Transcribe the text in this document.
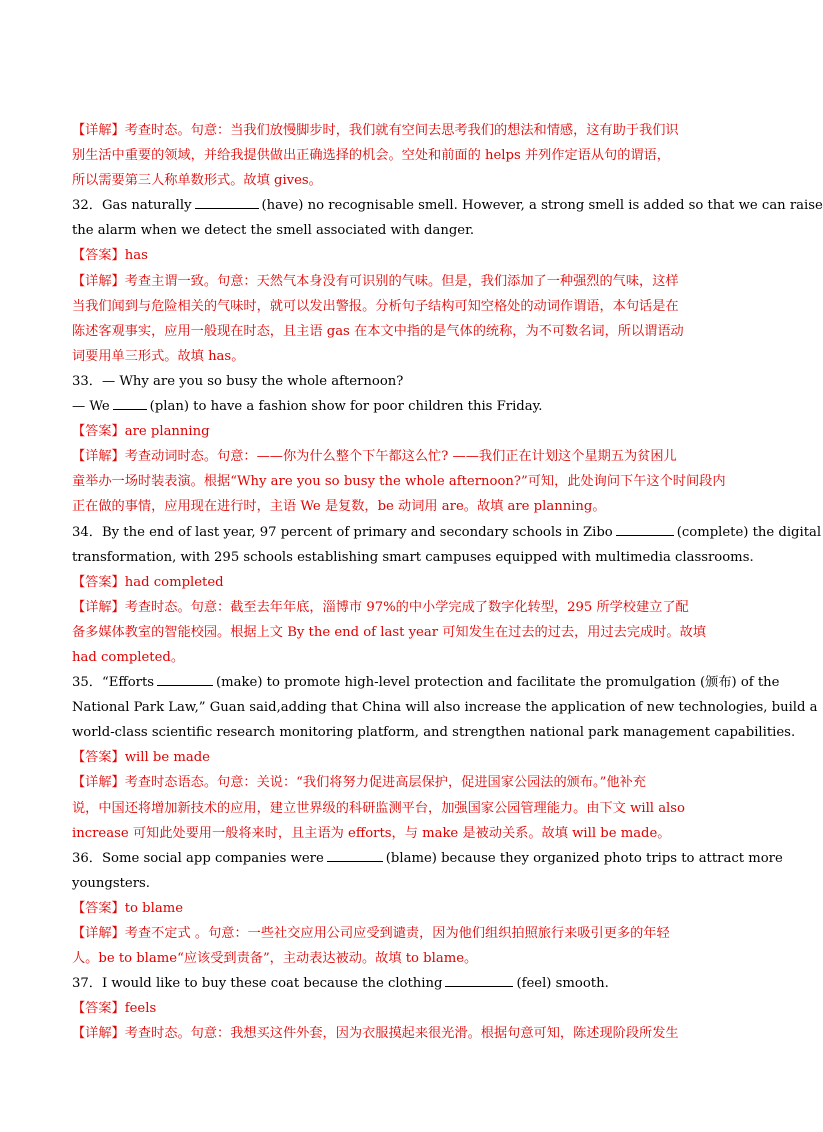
【详解】考查时态。句意：当我们放慢脚步时，我们就有空间去思考我们的想法和情感，这有助于我们识
别生活中重要的领域，并给我提供做出正确选择的机会。空处和前面的 helps 并列作定语从句的谓语，
所以需要第三人称单数形式。故填 gives。
32．Gas naturally	(have) no recognisable smell. However, a strong smell is added so that we can raise
the alarm when we detect the smell associated with danger.
【答案】has
【详解】考查主谓一致。句意：天然气本身没有可识别的气味。但是，我们添加了一种强烈的气味，这样
当我们闻到与危险相关的气味时，就可以发出警报。分析句子结构可知空格处的动词作谓语，本句话是在
陈述客观事实，应用一般现在时态，且主语 gas 在本文中指的是气体的统称，为不可数名词，所以谓语动
词要用单三形式。故填 has。
33．— Why are you so busy the whole afternoon?
— We	(plan) to have a fashion show for poor children this Friday.
【答案】are planning
【详解】考查动词时态。句意：——你为什么整个下午都这么忙? ——我们正在计划这个星期五为贫困儿
童举办一场时装表演。根据“Why are you so busy the whole afternoon?”可知，此处询问下午这个时间段内
正在做的事情，应用现在进行时，主语 We 是复数，be 动词用 are。故填 are planning。
34．By the end of last year, 97 percent of primary and secondary schools in Zibo	(complete) the digital
transformation, with 295 schools establishing smart campuses equipped with multimedia classrooms.
【答案】had completed
【详解】考查时态。句意：截至去年年底，淄博市 97%的中小学完成了数字化转型，295 所学校建立了配
备多媒体教室的智能校园。根据上文 By the end of last year 可知发生在过去的过去，用过去完成时。故填
had completed。
35．“Efforts	(make) to promote high-level protection and facilitate the promulgation (颁布) of the
National Park Law,” Guan said,adding that China will also increase the application of new technologies, build a
world-class scientific research monitoring platform, and strengthen national park management capabilities.
【答案】will be made
【详解】考查时态语态。句意：关说：“我们将努力促进高层保护，促进国家公园法的颁布。”他补充
说，中国还将增加新技术的应用，建立世界级的科研监测平台，加强国家公园管理能力。由下文 will also
increase 可知此处要用一般将来时，且主语为 efforts，与 make 是被动关系。故填 will be made。
36．Some social app companies were	(blame) because they organized photo trips to attract more
youngsters.
【答案】to blame
【详解】考查不定式 。句意：一些社交应用公司应受到谴责，因为他们组织拍照旅行来吸引更多的年轻
人。be to blame“应该受到责备”，主动表达被动。故填 to blame。
37．I would like to buy these coat because the clothing	(feel) smooth.
【答案】feels
【详解】考查时态。句意：我想买这件外套，因为衣服摸起来很光滑。根据句意可知，陈述现阶段所发生
